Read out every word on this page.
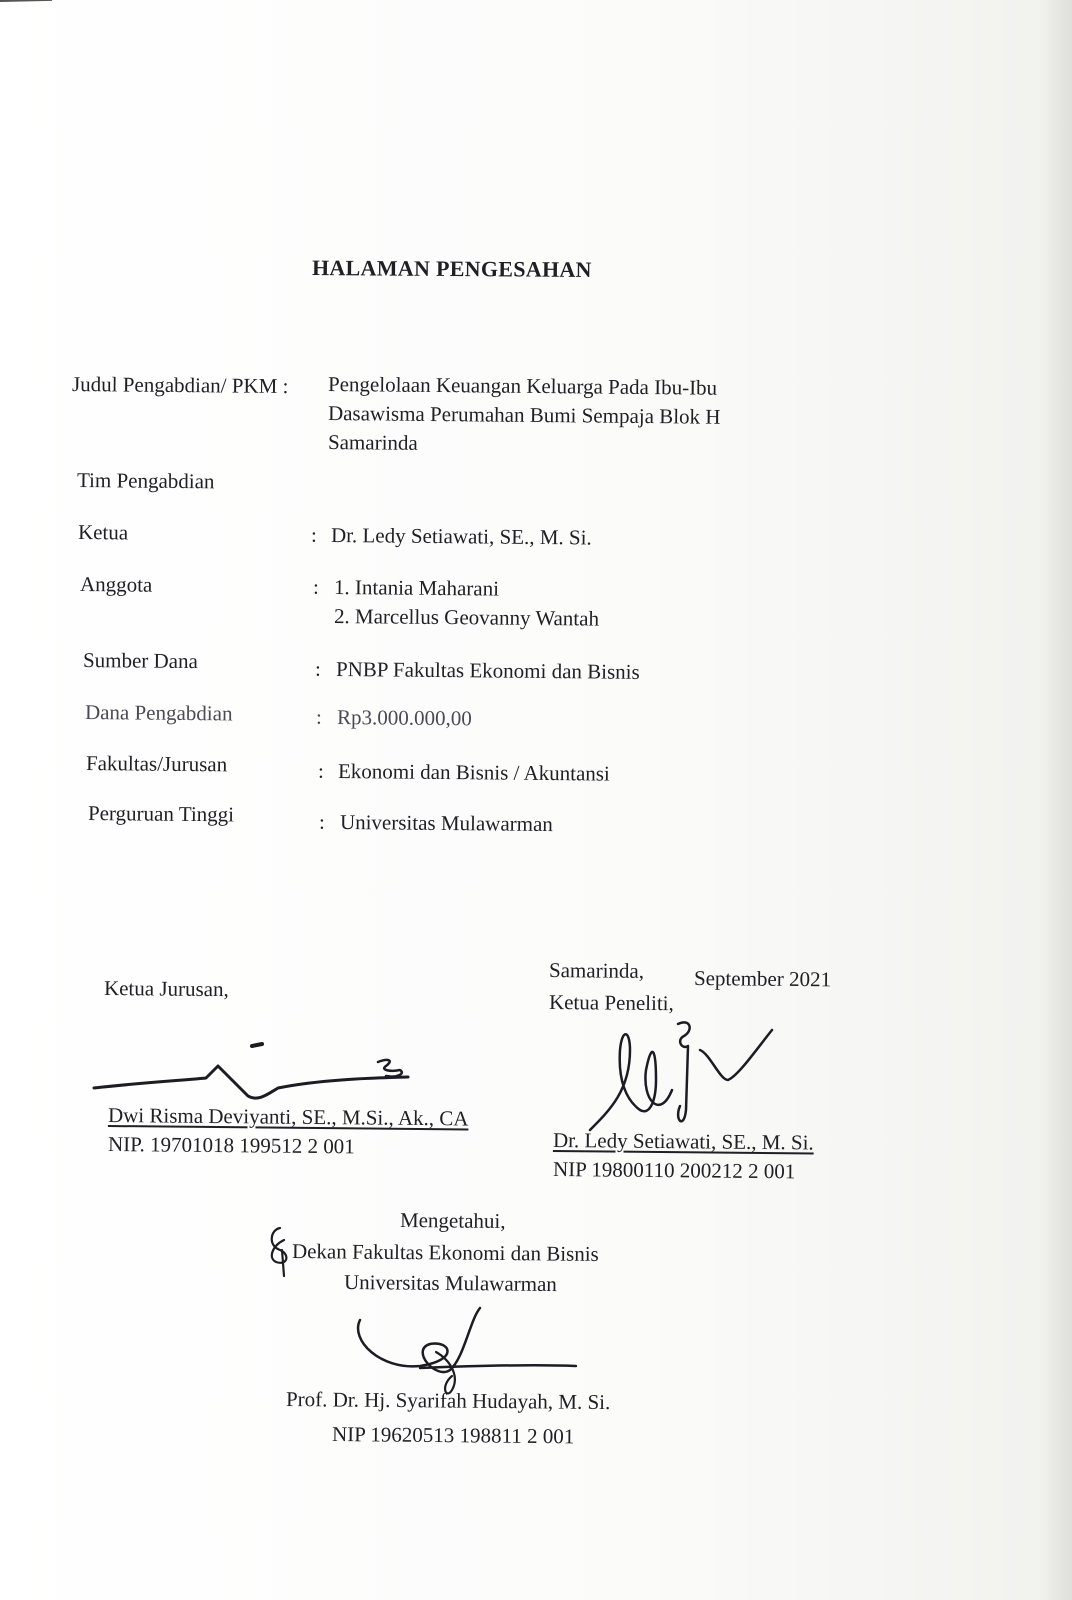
HALAMAN PENGESAHAN
Judul Pengabdian/ PKM : Pengelolaan Keuangan Keluarga Pada Ibu-Ibu
Dasawisma Perumahan Bumi Sempaja Blok H
Samarinda
Tim Pengabdian
Ketua	: Dr. Ledy Setiawati, SE., M. Si.
Anggota	: 1. Intania Maharani
2. Marcellus Geovanny Wantah
Sumber Dana	: PNBP Fakultas Ekonomi dan Bisnis
Dana Pengabdian	: Rp3.000.000,00
Fakultas/Jurusan	: Ekonomi dan Bisnis / Akuntansi
Perguruan Tinggi	: Universitas Mulawarman
Ketua Jurusan,
Dwi Risma Deviyanti, SE., M.Si., Ak., CA
NIP. 19701018 199512 2 001
Samarinda, September 2021
Ketua Peneliti,
Dr. Ledy Setiawati, SE., M. Si.
NIP 19800110 200212 2 001
Mengetahui,
Dekan Fakultas Ekonomi dan Bisnis
Universitas Mulawarman
Prof. Dr. Hj. Syarifah Hudayah, M. Si.
NIP 19620513 198811 2 001
